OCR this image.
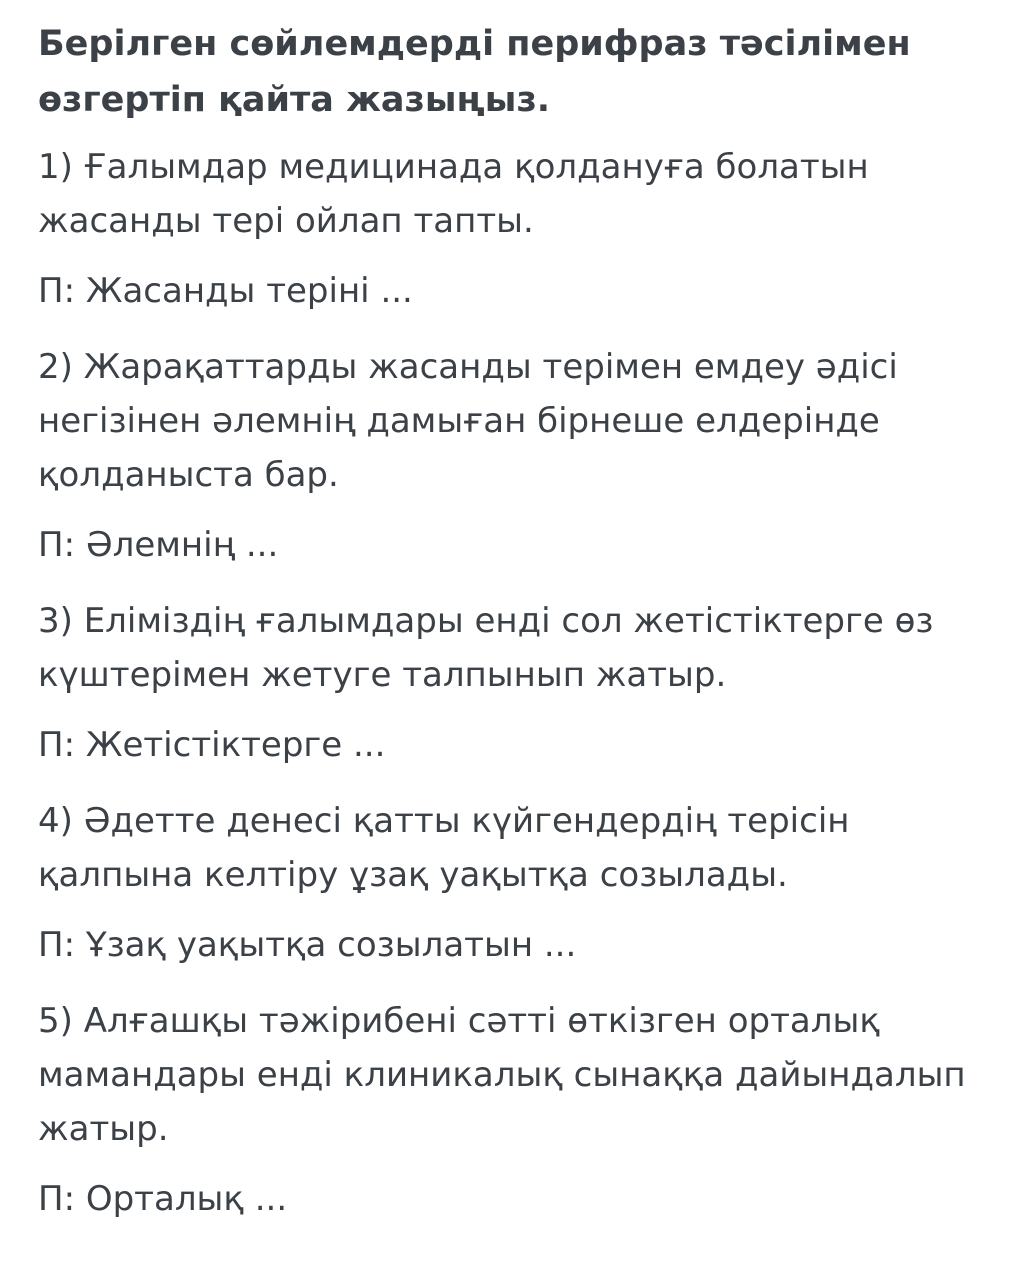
Берілген сөйлемдерді перифраз тәсілімен өзгертіп қайта жазыңыз.

1) Ғалымдар медицинада қолдануға болатын жасанды тері ойлап тапты.

П: Жасанды теріні ...

2) Жарақаттарды жасанды терімен емдеу әдісі негізінен әлемнің дамыған бірнеше елдерінде қолданыста бар.

П: Әлемнің ...

3) Еліміздің ғалымдары енді сол жетістіктерге өз күштерімен жетуге талпынып жатыр.

П: Жетістіктерге ...

4) Әдетте денесі қатты күйгендердің терісін қалпына келтіру ұзақ уақытқа созылады.

П: Ұзақ уақытқа созылатын ...

5) Алғашқы тәжірибені сәтті өткізген орталық мамандары енді клиникалық сынаққа дайындалып жатыр.

П: Орталық ...
